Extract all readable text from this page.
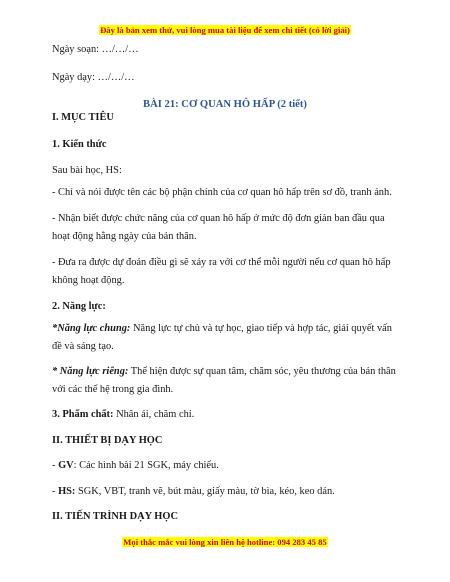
Đây là bản xem thử, vui lòng mua tài liệu để xem chi tiết (có lời giải)
Ngày soạn: …/…/…
Ngày dạy: …/…/…
BÀI 21: CƠ QUAN HÔ HẤP (2 tiết)
I. MỤC TIÊU
1. Kiến thức
Sau bài học, HS:
- Chỉ và nói được tên các bộ phận chính của cơ quan hô hấp trên sơ đồ, tranh ảnh.
- Nhận biết được chức năng của cơ quan hô hấp ở mức độ đơn giản ban đầu qua hoạt động hằng ngày của bản thân.
- Đưa ra được dự đoán điều gì sẽ xảy ra với cơ thể mỗi người nếu cơ quan hô hấp không hoạt động.
2. Năng lực:
*Năng lực chung: Năng lực tự chủ và tự học, giao tiếp và hợp tác, giải quyết vấn đề và sáng tạo.
* Năng lực riêng: Thể hiện được sự quan tâm, chăm sóc, yêu thương của bản thân với các thế hệ trong gia đình.
3. Phẩm chất: Nhân ái, chăm chỉ.
II. THIẾT BỊ DẠY HỌC
- GV: Các hình bài 21 SGK, máy chiếu.
- HS: SGK, VBT, tranh vẽ, bút màu, giấy màu, tờ bìa, kéo, keo dán.
II. TIẾN TRÌNH DẠY HỌC
Mọi thắc mắc vui lòng xin liên hệ hotline: 094 283 45 85
